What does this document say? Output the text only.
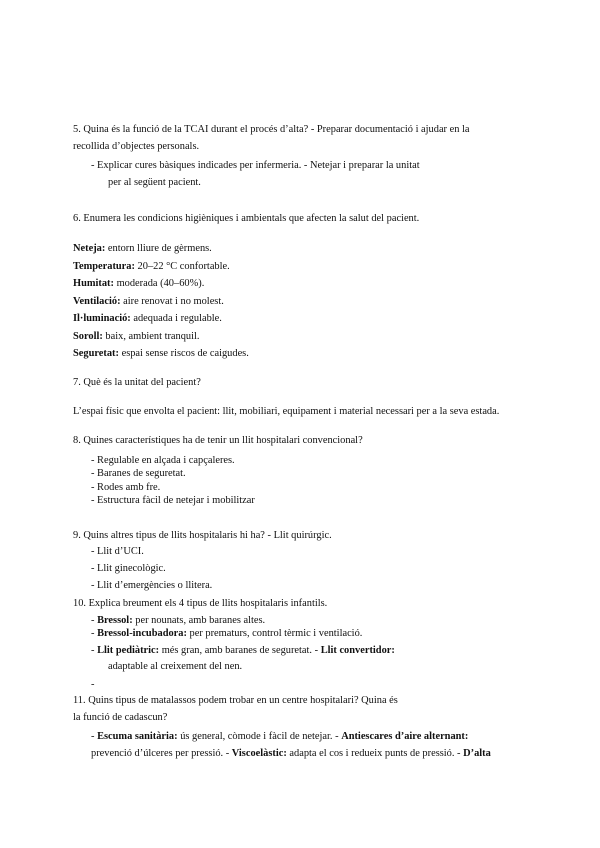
5. Quina és la funció de la TCAI durant el procés d’alta? - Preparar documentació i ajudar en la
recollida d’objectes personals.
- Explicar cures bàsiques indicades per infermeria. - Netejar i preparar la unitat
per al següent pacient.
6. Enumera les condicions higièniques i ambientals que afecten la salut del pacient.
Neteja: entorn lliure de gèrmens.
Temperatura: 20–22 °C confortable.
Humitat: moderada (40–60%).
Ventilació: aire renovat i no molest.
Il·luminació: adequada i regulable.
Soroll: baix, ambient tranquil.
Seguretat: espai sense riscos de caigudes.
7. Què és la unitat del pacient?
L’espai físic que envolta el pacient: llit, mobiliari, equipament i material necessari per a la seva estada.
8. Quines característiques ha de tenir un llit hospitalari convencional?
- Regulable en alçada i capçaleres.
- Baranes de seguretat.
- Rodes amb fre.
- Estructura fàcil de netejar i mobilitzar
9. Quins altres tipus de llits hospitalaris hi ha? - Llit quirúrgic.
- Llit d’UCI.
- Llit ginecològic.
- Llit d’emergències o llitera.
10. Explica breument els 4 tipus de llits hospitalaris infantils.
- Bressol: per nounats, amb baranes altes.
- Bressol-incubadora: per prematurs, control tèrmic i ventilació.
- Llit pediàtric: més gran, amb baranes de seguretat. - Llit convertidor:
adaptable al creixement del nen.
-
11. Quins tipus de matalassos podem trobar en un centre hospitalari? Quina és
la funció de cadascun?
- Escuma sanitària: ús general, còmode i fàcil de netejar. - Antiescares d’aire alternant:
prevenció d’úlceres per pressió. - Viscoelàstic: adapta el cos i redueix punts de pressió. - D’alta
